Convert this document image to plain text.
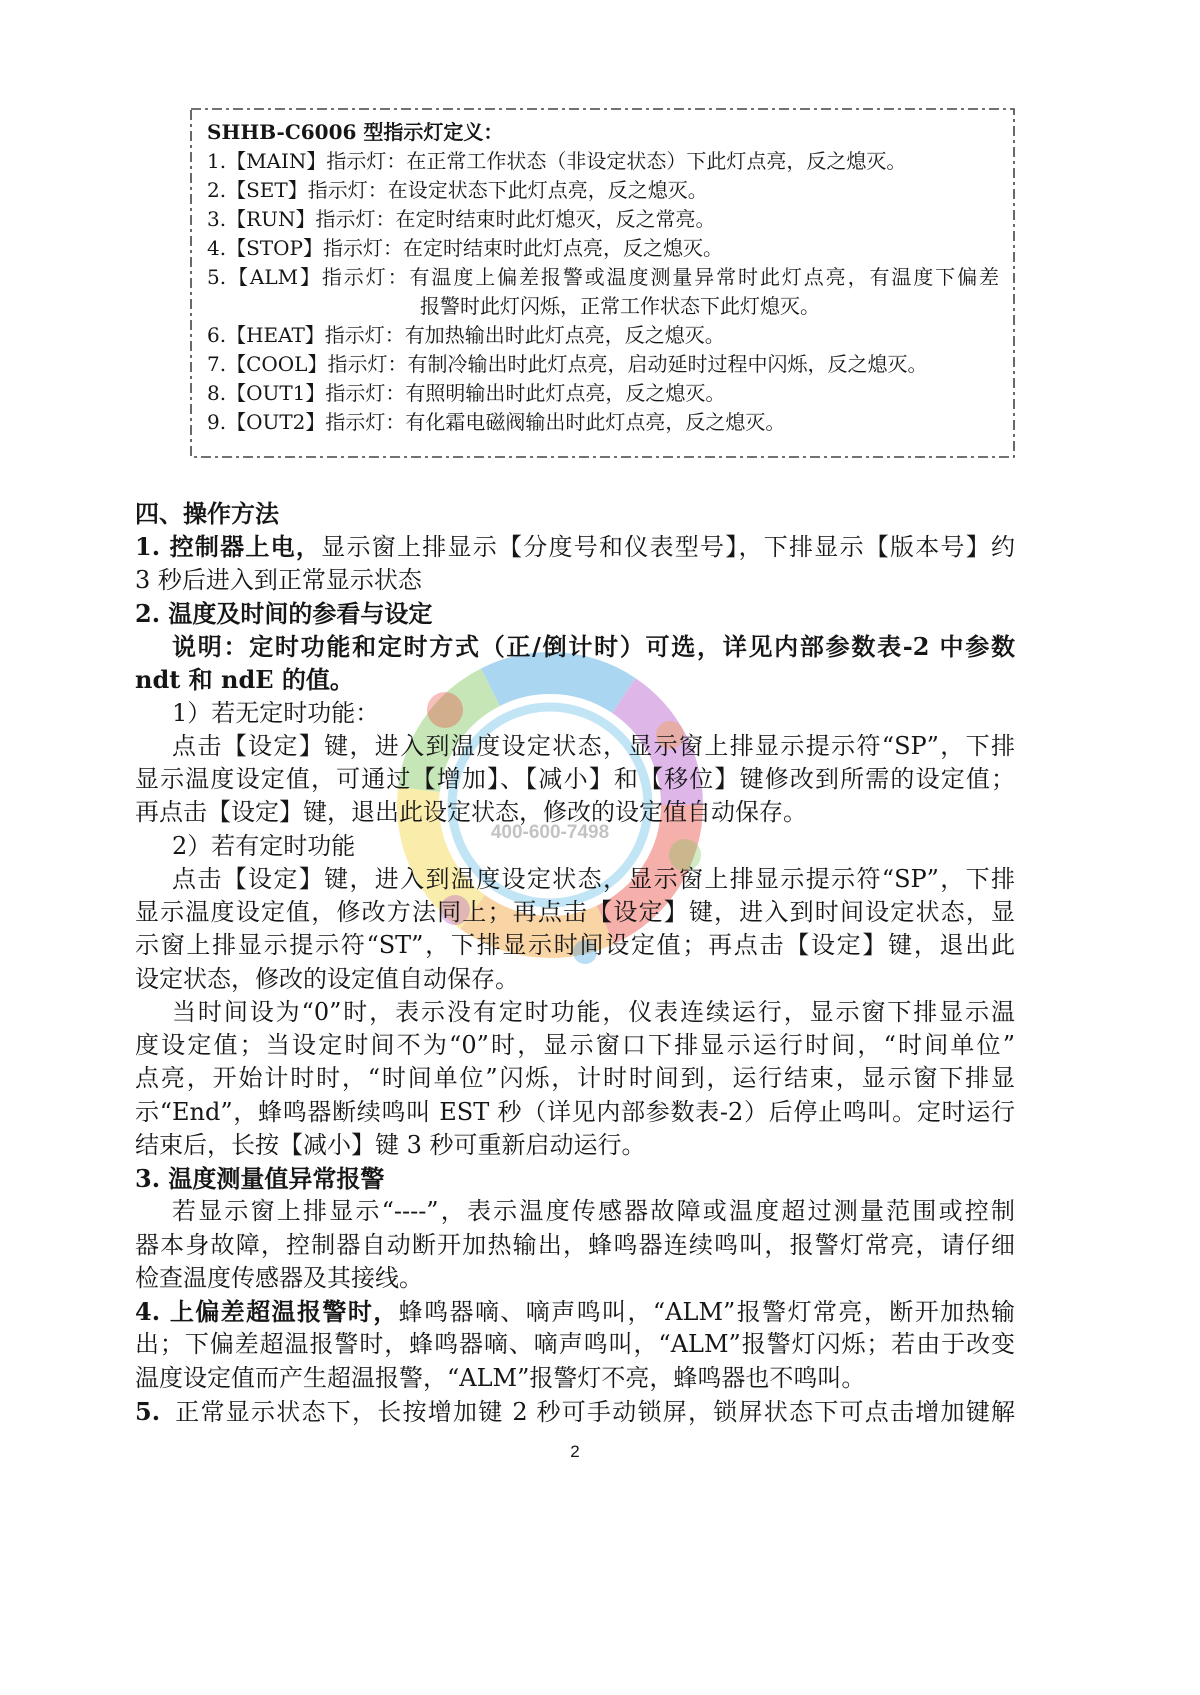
400-600-7498
SHHB-C6006 型指示灯定义：
1.【MAIN】指示灯：在正常工作状态（非设定状态）下此灯点亮，反之熄灭。
2.【SET】指示灯：在设定状态下此灯点亮，反之熄灭。
3.【RUN】指示灯：在定时结束时此灯熄灭，反之常亮。
4.【STOP】指示灯：在定时结束时此灯点亮，反之熄灭。
5.【ALM】指示灯：有温度上偏差报警或温度测量异常时此灯点亮，有温度下偏差
报警时此灯闪烁，正常工作状态下此灯熄灭。
6.【HEAT】指示灯：有加热输出时此灯点亮，反之熄灭。
7.【COOL】指示灯：有制冷输出时此灯点亮，启动延时过程中闪烁，反之熄灭。
8.【OUT1】指示灯：有照明输出时此灯点亮，反之熄灭。
9.【OUT2】指示灯：有化霜电磁阀输出时此灯点亮，反之熄灭。
四、操作方法
1. 控制器上电，显示窗上排显示【分度号和仪表型号】，下排显示【版本号】约
3 秒后进入到正常显示状态
2. 温度及时间的参看与设定
说明：定时功能和定时方式（正/倒计时）可选，详见内部参数表-2 中参数
ndt 和 ndE 的值。
1）若无定时功能：
点击【设定】键，进入到温度设定状态，显示窗上排显示提示符“SP”，下排
显示温度设定值，可通过【增加】、【减小】和【移位】键修改到所需的设定值；
再点击【设定】键，退出此设定状态，修改的设定值自动保存。
2）若有定时功能
点击【设定】键，进入到温度设定状态，显示窗上排显示提示符“SP”，下排
显示温度设定值，修改方法同上；再点击【设定】键，进入到时间设定状态，显
示窗上排显示提示符“ST”，下排显示时间设定值；再点击【设定】键，退出此
设定状态，修改的设定值自动保存。
当时间设为“0”时，表示没有定时功能，仪表连续运行，显示窗下排显示温
度设定值；当设定时间不为“0”时，显示窗口下排显示运行时间，“时间单位”
点亮，开始计时时，“时间单位”闪烁，计时时间到，运行结束，显示窗下排显
示“End”，蜂鸣器断续鸣叫 EST 秒（详见内部参数表-2）后停止鸣叫。定时运行
结束后，长按【减小】键 3 秒可重新启动运行。
3. 温度测量值异常报警
若显示窗上排显示“----”，表示温度传感器故障或温度超过测量范围或控制
器本身故障，控制器自动断开加热输出，蜂鸣器连续鸣叫，报警灯常亮，请仔细
检查温度传感器及其接线。
4. 上偏差超温报警时，蜂鸣器嘀、嘀声鸣叫，“ALM”报警灯常亮，断开加热输
出；下偏差超温报警时，蜂鸣器嘀、嘀声鸣叫，“ALM”报警灯闪烁；若由于改变
温度设定值而产生超温报警，“ALM”报警灯不亮，蜂鸣器也不鸣叫。
5. 正常显示状态下，长按增加键 2 秒可手动锁屏，锁屏状态下可点击增加键解
2
